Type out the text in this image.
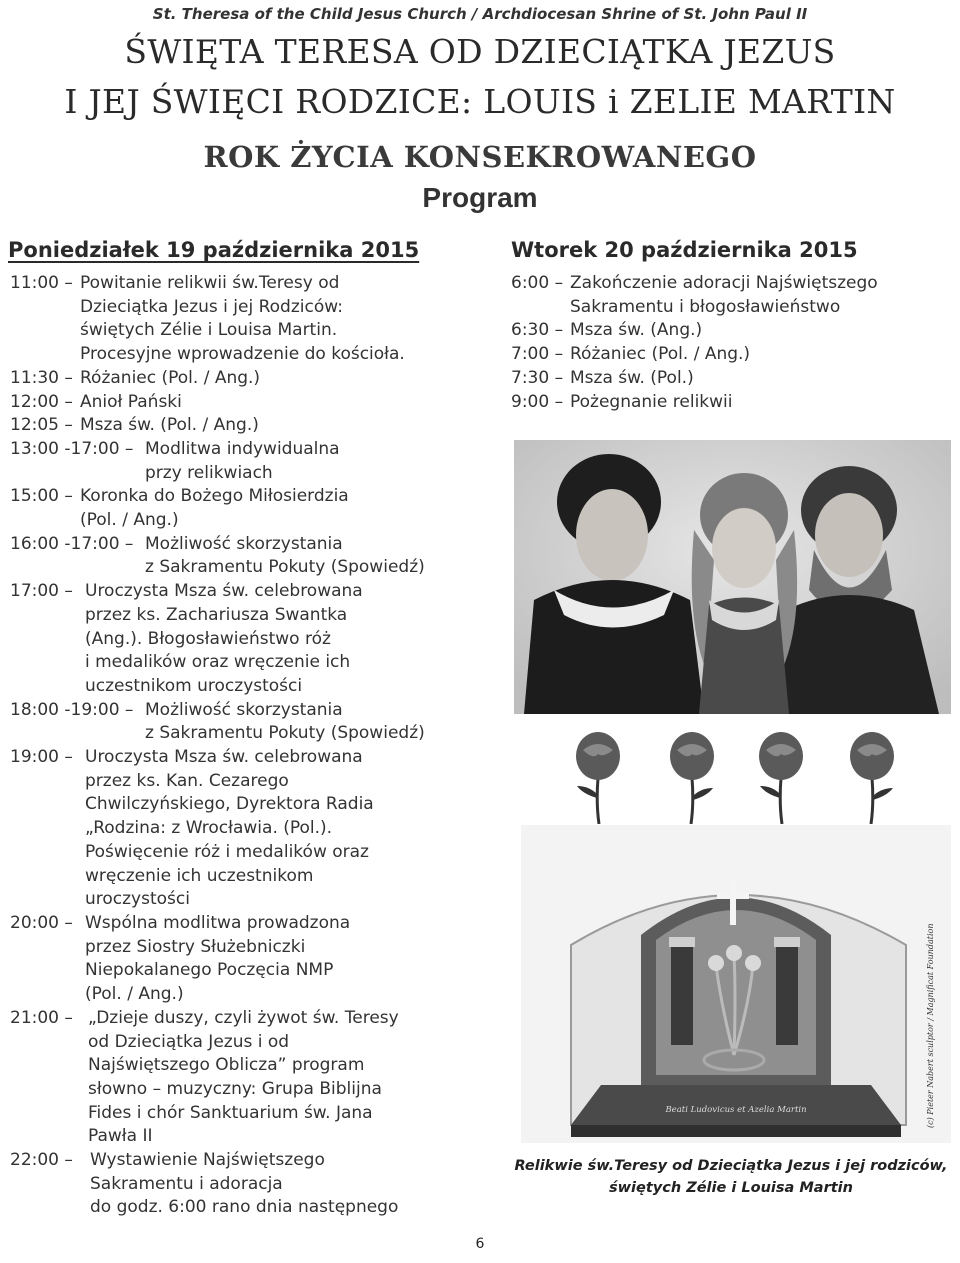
St. Theresa of the Child Jesus Church / Archdiocesan Shrine of St. John Paul II
ŚWIĘTA TERESA OD DZIECIĄTKA JEZUS
I JEJ ŚWIĘCI RODZICE: LOUIS i ZELIE MARTIN
ROK ŻYCIA KONSEKROWANEGO
Program
Poniedziałek 19 października 2015	Wtorek 20 października 2015
11:00 – Powitanie relikwii św.Teresy od
Dzieciątka Jezus i jej Rodziców:
świętych Zélie i Louisa Martin.
Procesyjne wprowadzenie do kościoła.
11:30 – Różaniec (Pol. / Ang.)
12:00 – Anioł Pański
12:05 – Msza św. (Pol. / Ang.)
13:00 -17:00 – Modlitwa indywidualna
przy relikwiach
15:00 – Koronka do Bożego Miłosierdzia
(Pol. / Ang.)
16:00 -17:00 – Możliwość skorzystania
z Sakramentu Pokuty (Spowiedź)
17:00 – Uroczysta Msza św. celebrowana
przez ks. Zachariusza Swantka
(Ang.). Błogosławieństwo róż
i medalików oraz wręczenie ich
uczestnikom uroczystości
18:00 -19:00 – Możliwość skorzystania
z Sakramentu Pokuty (Spowiedź)
19:00 – Uroczysta Msza św. celebrowana
przez ks. Kan. Cezarego
Chwilczyńskiego, Dyrektora Radia
„Rodzina: z Wrocławia. (Pol.).
Poświęcenie róż i medalików oraz
wręczenie ich uczestnikom
uroczystości
20:00 – Wspólna modlitwa prowadzona
przez Siostry Służebniczki
Niepokalanego Poczęcia NMP
(Pol. / Ang.)
21:00 – „Dzieje duszy, czyli żywot św. Teresy
od Dzieciątka Jezus i od
Najświętszego Oblicza” program
słowno – muzyczny: Grupa Biblijna
Fides i chór Sanktuarium św. Jana
Pawła II
22:00 – Wystawienie Najświętszego
Sakramentu i adoracja
do godz. 6:00 rano dnia następnego
6:00 – Zakończenie adoracji Najświętszego
Sakramentu i błogosławieństwo
6:30 – Msza św. (Ang.)
7:00 – Różaniec (Pol. / Ang.)
7:30 – Msza św. (Pol.)
9:00 – Pożegnanie relikwii
Beati Ludovicus et Azelia Martin	(c) Pieter Nabert sculptor / Magnificat Foundation
Relikwie św.Teresy od Dzieciątka Jezus i jej rodziców,
świętych Zélie i Louisa Martin
6
